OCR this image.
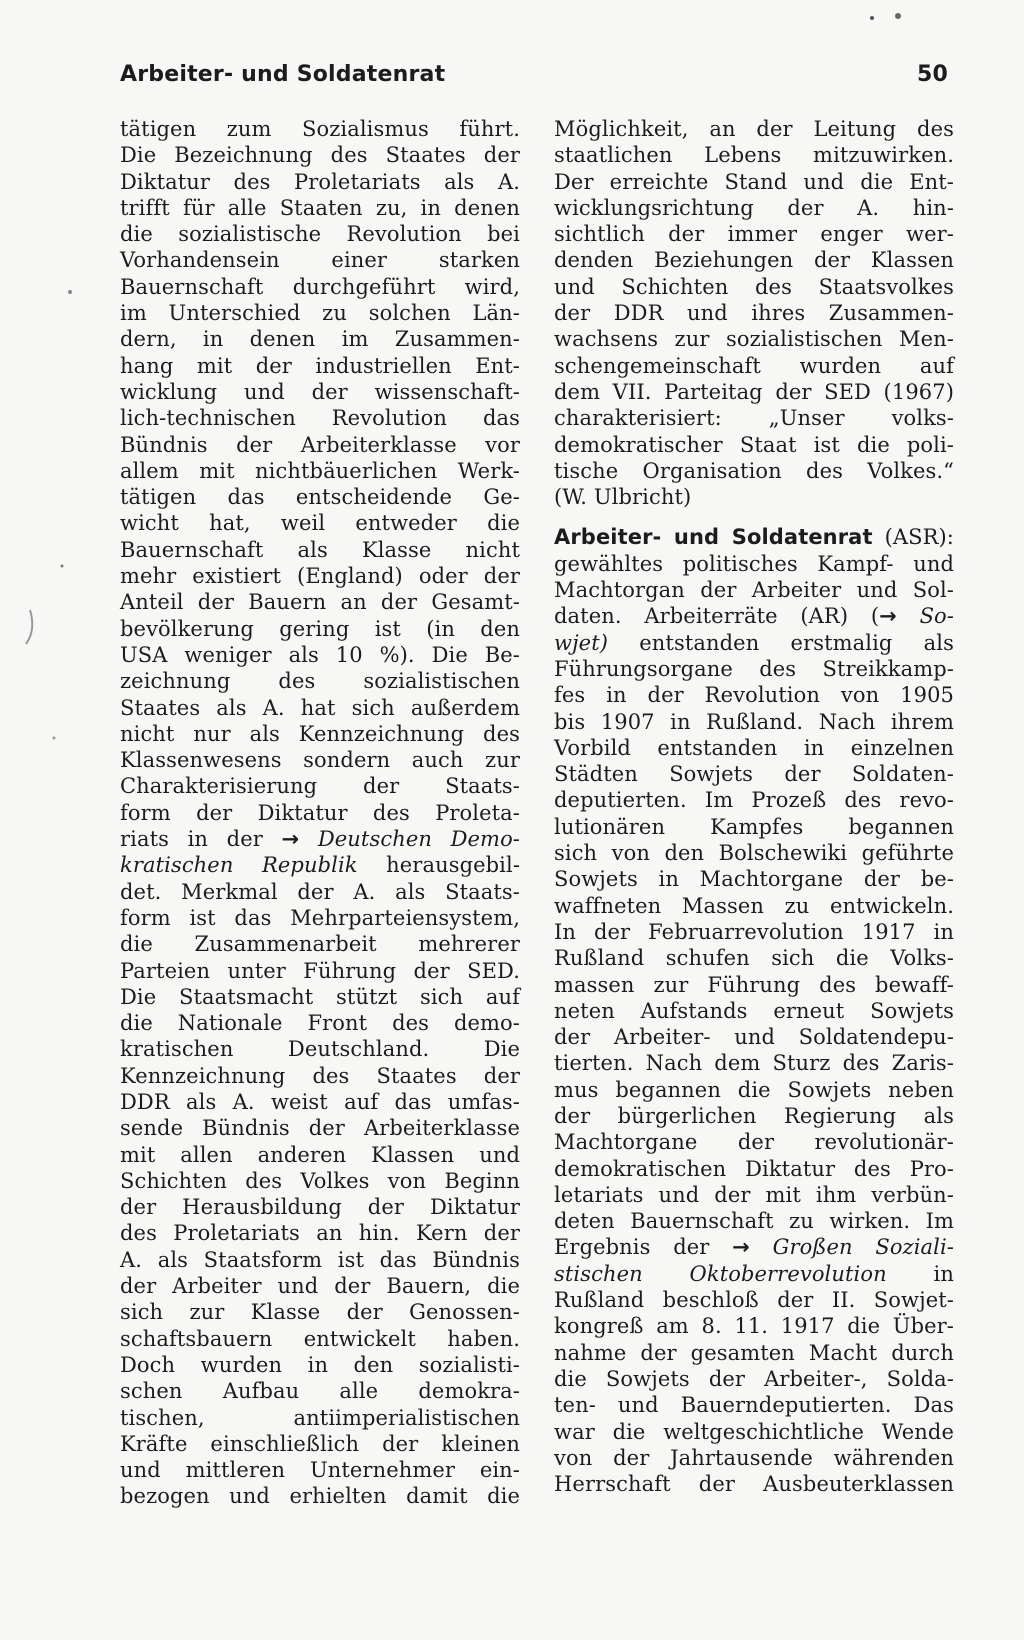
Arbeiter- und Soldatenrat	50
tätigen zum Sozialismus führt.
Die Bezeichnung des Staates der
Diktatur des Proletariats als A.
trifft für alle Staaten zu, in denen
die sozialistische Revolution bei
Vorhandensein einer starken
Bauernschaft durchgeführt wird,
im Unterschied zu solchen Län-
dern, in denen im Zusammen-
hang mit der industriellen Ent-
wicklung und der wissenschaft-
lich-technischen Revolution das
Bündnis der Arbeiterklasse vor
allem mit nichtbäuerlichen Werk-
tätigen das entscheidende Ge-
wicht hat, weil entweder die
Bauernschaft als Klasse nicht
mehr existiert (England) oder der
Anteil der Bauern an der Gesamt-
bevölkerung gering ist (in den
USA weniger als 10 %). Die Be-
zeichnung des sozialistischen
Staates als A. hat sich außerdem
nicht nur als Kennzeichnung des
Klassenwesens sondern auch zur
Charakterisierung der Staats-
form der Diktatur des Proleta-
riats in der → Deutschen Demo-
kratischen Republik herausgebil-
det. Merkmal der A. als Staats-
form ist das Mehrparteiensystem,
die Zusammenarbeit mehrerer
Parteien unter Führung der SED.
Die Staatsmacht stützt sich auf
die Nationale Front des demo-
kratischen Deutschland. Die
Kennzeichnung des Staates der
DDR als A. weist auf das umfas-
sende Bündnis der Arbeiterklasse
mit allen anderen Klassen und
Schichten des Volkes von Beginn
der Herausbildung der Diktatur
des Proletariats an hin. Kern der
A. als Staatsform ist das Bündnis
der Arbeiter und der Bauern, die
sich zur Klasse der Genossen-
schaftsbauern entwickelt haben.
Doch wurden in den sozialisti-
schen Aufbau alle demokra-
tischen, antiimperialistischen
Kräfte einschließlich der kleinen
und mittleren Unternehmer ein-
bezogen und erhielten damit die
Möglichkeit, an der Leitung des
staatlichen Lebens mitzuwirken.
Der erreichte Stand und die Ent-
wicklungsrichtung der A. hin-
sichtlich der immer enger wer-
denden Beziehungen der Klassen
und Schichten des Staatsvolkes
der DDR und ihres Zusammen-
wachsens zur sozialistischen Men-
schengemeinschaft wurden auf
dem VII. Parteitag der SED (1967)
charakterisiert: „Unser volks-
demokratischer Staat ist die poli-
tische Organisation des Volkes.“
(W. Ulbricht)
Arbeiter- und Soldatenrat (ASR):
gewähltes politisches Kampf- und
Machtorgan der Arbeiter und Sol-
daten. Arbeiterräte (AR) (→ So-
wjet) entstanden erstmalig als
Führungsorgane des Streikkamp-
fes in der Revolution von 1905
bis 1907 in Rußland. Nach ihrem
Vorbild entstanden in einzelnen
Städten Sowjets der Soldaten-
deputierten. Im Prozeß des revo-
lutionären Kampfes begannen
sich von den Bolschewiki geführte
Sowjets in Machtorgane der be-
waffneten Massen zu entwickeln.
In der Februarrevolution 1917 in
Rußland schufen sich die Volks-
massen zur Führung des bewaff-
neten Aufstands erneut Sowjets
der Arbeiter- und Soldatendepu-
tierten. Nach dem Sturz des Zaris-
mus begannen die Sowjets neben
der bürgerlichen Regierung als
Machtorgane der revolutionär-
demokratischen Diktatur des Pro-
letariats und der mit ihm verbün-
deten Bauernschaft zu wirken. Im
Ergebnis der → Großen Soziali-
stischen Oktoberrevolution in
Rußland beschloß der II. Sowjet-
kongreß am 8. 11. 1917 die Über-
nahme der gesamten Macht durch
die Sowjets der Arbeiter-, Solda-
ten- und Bauerndeputierten. Das
war die weltgeschichtliche Wende
von der Jahrtausende währenden
Herrschaft der Ausbeuterklassen
